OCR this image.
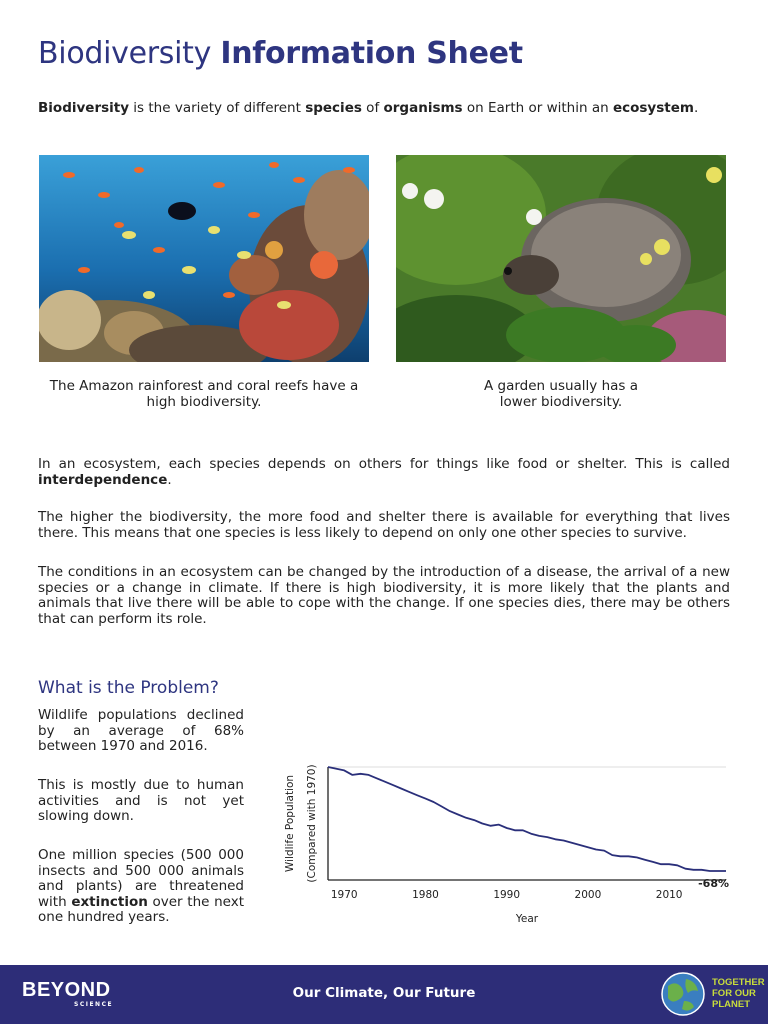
Biodiversity Information Sheet
Biodiversity is the variety of different species of organisms on Earth or within an ecosystem.
The Amazon rainforest and coral reefs have a high biodiversity.
A garden usually has a lower biodiversity.

In an ecosystem, each species depends on others for things like food or shelter. This is called interdependence.

The higher the biodiversity, the more food and shelter there is available for everything that lives there. This means that one species is less likely to depend on only one other species to survive.

The conditions in an ecosystem can be changed by the introduction of a disease, the arrival of a new species or a change in climate. If there is high biodiversity, it is more likely that the plants and animals that live there will be able to cope with the change. If one species dies, there may be others that can perform its role.

What is the Problem?

Wildlife populations declined by an average of 68% between 1970 and 2016.

This is mostly due to human activities and is not yet slowing down.

One million species (500 000 insects and 500 000 animals and plants) are threatened with extinction over the next one hundred years.

1970	1980	1990	2000	2010
Year
Wildlife Population (Compared with 1970)
-68%
BEYOND
SCIENCE
Our Climate, Our Future
TOGETHER
FOR OUR
PLANET
